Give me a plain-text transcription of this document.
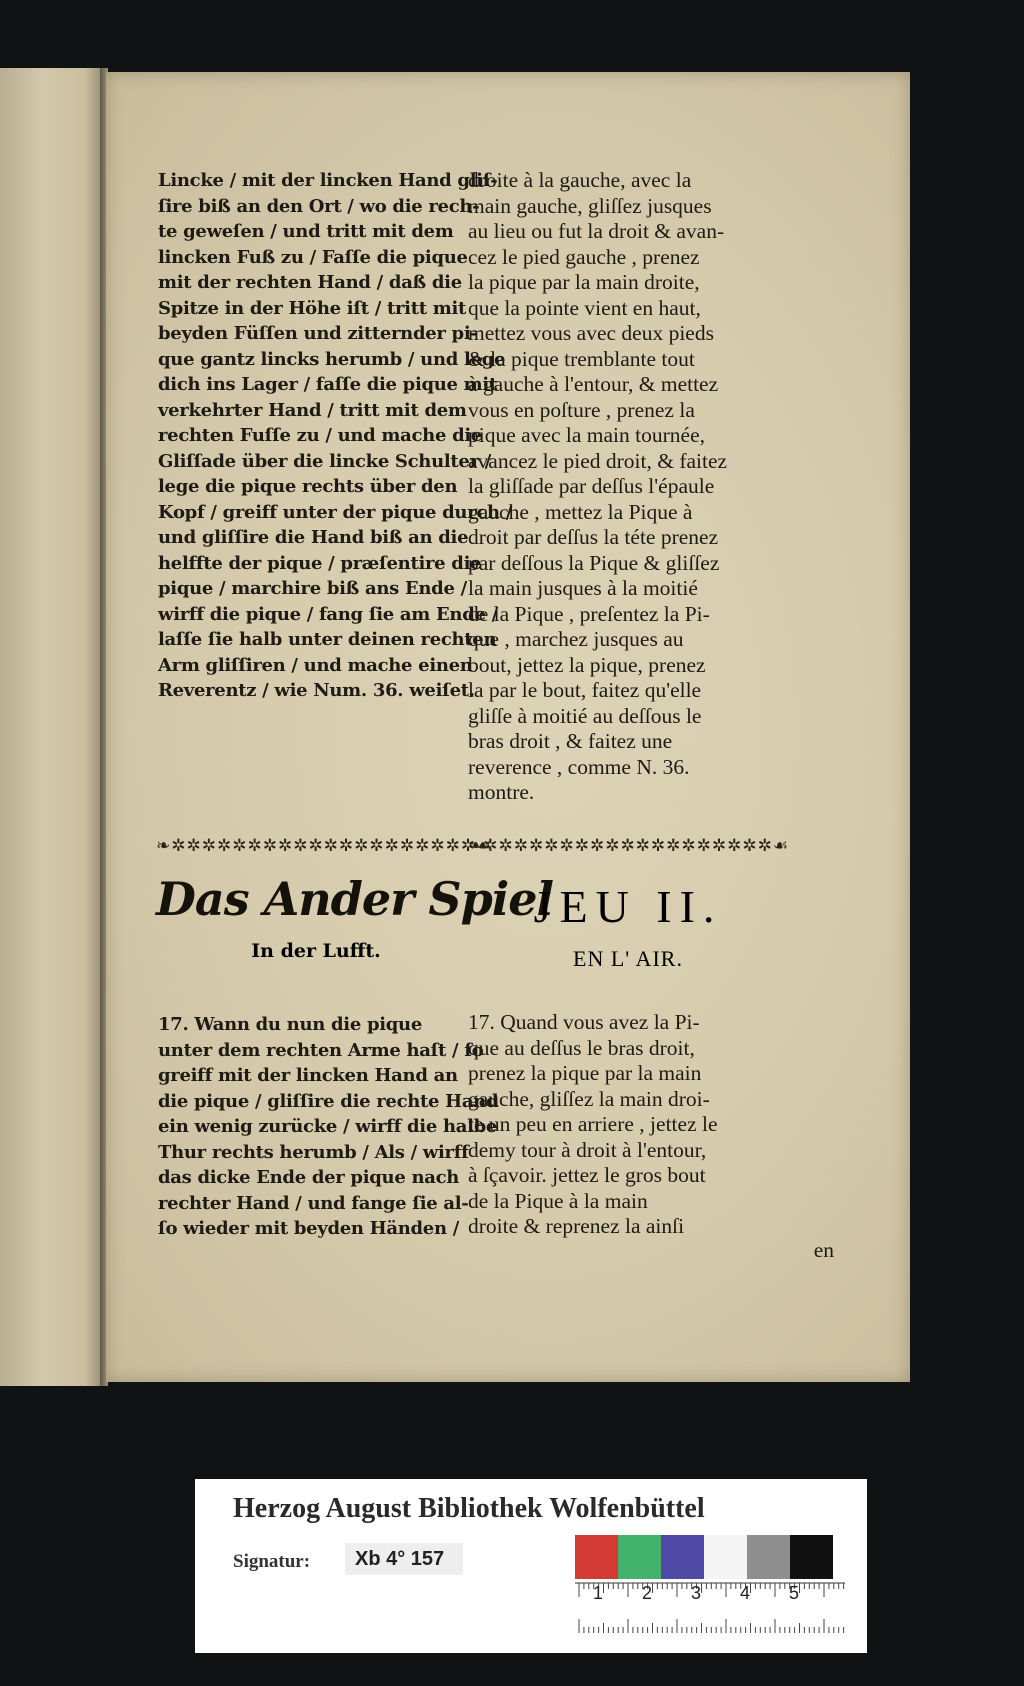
Lincke / mit der lincken Hand gliſ-
ſire biß an den Ort / wo die rech-
te geweſen / und tritt mit dem
lincken Fuß zu / Faſſe die pique
mit der rechten Hand / daß die
Spitze in der Höhe iſt / tritt mit
beyden Füſſen und zitternder pi-
que gantz lincks herumb / und lege
dich ins Lager / faſſe die pique mit
verkehrter Hand / tritt mit dem
rechten Fuſſe zu / und mache die
Gliſſade über die lincke Schulter /
lege die pique rechts über den
Kopf / greiff unter der pique durch /
und gliſſire die Hand biß an die
helffte der pique / præſentire die
pique / marchire biß ans Ende /
wirff die pique / fang ſie am Ende /
laſſe ſie halb unter deinen rechten
Arm gliſſiren / und mache einen
Reverentz / wie Num. 36. weiſet.
droite à la gauche, avec la
main gauche, gliſſez jusques
au lieu ou fut la droit & avan-
cez le pied gauche , prenez
la pique par la main droite,
que la pointe vient en haut,
mettez vous avec deux pieds
& la pique tremblante tout
à gauche à l'entour, & mettez
vous en poſture , prenez la
pique avec la main tournée,
avancez le pied droit, & faitez
la gliſſade par deſſus l'épaule
gauche , mettez la Pique à
droit par deſſus la téte prenez
par deſſous la Pique & gliſſez
la main jusques à la moitié
de la Pique , preſentez la Pi-
que , marchez jusques au
bout, jettez la pique, prenez
la par le bout, faitez qu'elle
gliſſe à moitié au deſſous le
bras droit , & faitez une
reverence , comme N. 36.
montre.
❧✲✲✲✲✲✲✲✲✲✲✲✲✲✲✲✲✲✲✲✲☙
❧✲✲✲✲✲✲✲✲✲✲✲✲✲✲✲✲✲✲✲☙
Das Ander Spiel
In der Lufft.
JEU II.
EN L' AIR.
17. Wann du nun die pique
unter dem rechten Arme haſt / ſo
greiff mit der lincken Hand an
die pique / gliſſire die rechte Hand
ein wenig zurücke / wirff die halbe
Thur rechts herumb / Als / wirff
das dicke Ende der pique nach
rechter Hand / und fange ſie al-
ſo wieder mit beyden Händen /
17. Quand vous avez la Pi-
que au deſſus le bras droit,
prenez la pique par la main
gauche, gliſſez la main droi-
te un peu en arriere , jettez le
demy tour à droit à l'entour,
à ſçavoir. jettez le gros bout
de la Pique à la main
droite & reprenez la ainſi
en
Herzog August Bibliothek Wolfenbüttel
Signatur: Xb 4° 157
1 2 3 4 5
